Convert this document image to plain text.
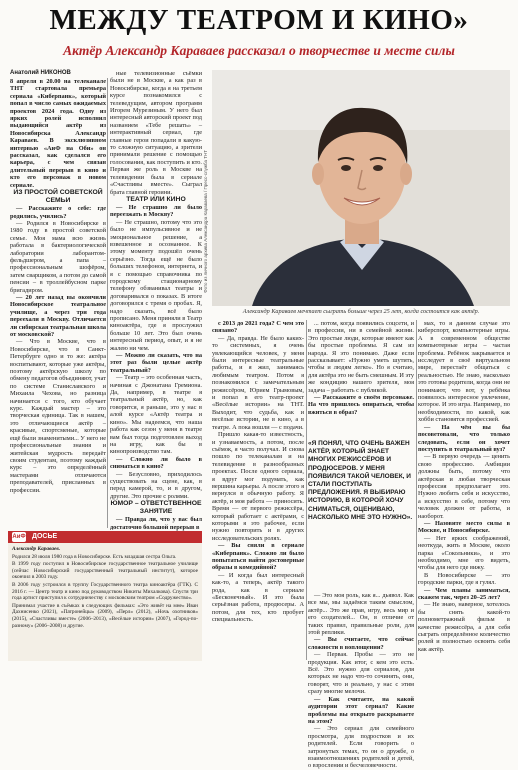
МЕЖДУ ТЕАТРОМ И КИНО»
Актёр Александр Караваев рассказал о творчестве и месте силы
Анатолий НИКОНОВ

8 апреля в 20.00 на телеканале ТНТ стартовала премьера сериала «Киберпанк», который попал в число самых ожидаемых проектов 2024 года. Одну из ярких ролей исполнил выдающийся актёр из Новосибирска Александр Караваев. В эксклюзивном интервью «АиФ на Оби» он рассказал, как сделался его карьера, с чем связан длительный перерыв в кино и кто его персонаж в новом сериале.

ИЗ ПРОСТОЙ СОВЕТСКОЙ СЕМЬИ

— Расскажите о себе: где родились, учились?

— Родился в Новосибирске в 1980 году в простой советской семье. Моя мама всю жизнь работала в бактериологической лаборатории лаборантом-фельдшером, а папа – профессиональным шофёром, затем сварщиком, а потом до самой пенсии – в троллейбусном парке бригадиром.

— 20 лет назад вы окончили Новосибирское театральное училище, а через три года переехали в Москву. Отличается ли сибирская театральная школа от московской?

— Что в Москве, что в Новосибирске, что в Санкт-Петербурге одно и то же: актёра воспитывают, которые уже актёры, поэтому актёрскую школу по обмену педагогов объединяют, учат по системе Станиславского и Михаила Чехова, но разница начинается с того, кто обучает курс. Каждый мастер – это творческая единица. Так в нашем, это отличающиеся актёр – красивые, спортсменые, которые ещё были знаменитыми... У него не профессиональные знания и житейская мудрость передаёт своим студентам, поэтому каждый курс – это определённый мастерами отличаются преподавателей, присланных в профессии.

ные телевизионные съёмки были не в Москве, а как раз в Новосибирске, когда я на третьем курсе познакомился с телеведущим, автором программ Игорем Мурезиным. У него был интересный авторский проект под названием «Тебе решать» – интерактивный сериал, где главные герои попадали в какую-то сложную ситуацию, а зрители принимали решение с помощью голосования, как поступить и кто. Первая же роль в Москве на телевидении была в сериале «Счастливы вместе». Сыграл брата главной героини.

ТЕАТР ИЛИ КИНО

— Не страшно ли было переезжать в Москву?

— Не страшно, потому что это было не импульсивное и не эмоциональное решение, а взвешенное и осознанное. К этому моменту подошёл очень серьёзно. Тогда ещё не было больших телефонов, интернета, и я с помощью справочника по городскому стационарному телефону обзванивал театры и договаривался о показах. В итоге договорился с тремя о пробах. Я, надо сказать, всё было прописано. Меня приняли в Театр киноактёра, где я прослужил больше 10 лет. Это был очень интересный период, опыт, и я не жалею ни чем.

— Можно ли сказать, что на этот раз были целые актёр театральный?

— Театр – это особенная часть, начиная с Джонатана Гремиона. Да, например, в театре я театральный актёр, но, как говорится, я раньше, это у нас в алой курсе «Актёр театра и кино». Мы надеемся, что наша работа как сезон у меня в театре вам был тогда подготовлен выход на игру, как бы в кинопроизводство там.

— Сложно ли было в сниматься в кино?

— Безусловно, приходилось существовать на сцене, как, в перед камерой, то, и в другом, другие. Это прочие с ролями.

ЮМОР – ОТВЕТСТВЕННОЕ ЗАНЯТИЕ

— Правда ли, что у вас был достаточно большой перерыв в

Фото из личного архива Александра Караваева / Пресс-служба ТНТ
Александр Караваев мечтает сыграть больше через 25 лет, когда состоится как актёр.

с 2013 до 2021 года? С чем это связано?

— Да, правда. Не было каких-то системных, я очень увлекающийся человек, у меня были интересные театральные работы, и я жил, занимаясь любимым театром. Потом я познакомился с замечательным режиссёром, Юрием Грымовым, и попал в его театр-проект «Весёлые истории» на ТНТ. Выходит, что судьба, как и весёлые истории, не в кино, а в театре. А пока вошли — с подачи.

Пришло какая-то известность, и узнаваемость, а потом, после съёмок, я часто получал. И снова пошло по телеканалам и на телевидение в разнообразных проектах. После одного сериала, я вдруг мог подумать, как вершина карьеры. А после этого я вернулся в обычную работу. Я актёр, и моя работа — приносить. Время — от первого режиссёра, который работает с актёрами, с которыми я это рабочее, если нужно повторить и в других исследовательских ролях.

— Вы сняли в сериале «Киберпанк». Сложно ли было попытаться найти достоверные образы в комедийной?

— И когда был интересный как-то, а теперь, актёр такого рода, как в сериале «Бесконечный». И это была серьёзная работа, продюсеры. А потом, для тех, кто пробует специальность.

... потом, когда появились соцсети, и в профессии, ни в семейной жизни. Это простые люди, которые имеют как бы простые проблемы. Я сам из народа. Я это понимаю. Даже если рассказывает: «Нужно уметь шутить, чтобы и людям легко». Но я считаю, для актёра это не быть смешным. И эту же кондицию нашего зрителя, моя задача – работать с публикой.

— Расскажите о своём персонаже. На что пришлось опираться, чтобы вжиться в образ?

«Я ПОНЯЛ, ЧТО ОЧЕНЬ ВАЖЕН АКТЁР, КОТОРЫЙ ЗНАЕТ МНОГИХ РЕЖИССЁРОВ И ПРОДЮСЕРОВ. У МЕНЯ ПОЯВИЛСЯ ТАКОЙ ЧЕЛОВЕК, И СТАЛИ ПОСТУПАТЬ ПРЕДЛОЖЕНИЯ. Я ВЫБИРАЮ ИСТОРИЮ, В КОТОРОЙ ХОЧУ СНИМАТЬСЯ, ОЦЕНИВАЮ, НАСКОЛЬКО МНЕ ЭТО НУЖНО».

— Это моя роль, как я... дьявол. Как все мы, мы задаёмся таким смыслом, актёр... Это же прав, игру, весь мир и его создателей... Он, в отличие от таких правил, правильные роли, для этой реплики.

— Вы считаете, что сейчас сложности в воплощении?

— Первая. Пробы — это не продукция. Как итог, с кем это есть. Всё. Это нужно для сериалов, для которых не надо что-то сочинять, они, говорят, что и реально, у нас с этим сразу многие мелочи.

— Как считаете, на какой аудитории этот сериал? Какие проблемы вы открыто раскрываете на этом?

— Это сериал для семейного просмотра, для подростков и их родителей. Если говорить о затронутых темах, то он о дружбе, о взаимоотношениях родителей и детей, о взрослении и бесчеловечности.

мах, то я данном случае это киберспорт, компьютерные игры. А в современном обществе компьютерные игры – частая проблема. Ребёнок закрывается и исследует в своё виртуальном мире, перестаёт общаться с реальностью. Не знаю, насколько это готовы родители, когда они не понимают, что вот, у ребёнка появилось интересное увлечение, которое. И это игра. Например, по необходимости, по какой, как хобби становятся профессией.

— На чём вы бы посоветовали, что только следовать, если он хочет поступить в театральный вуз?

— В первую очередь — ценить свою профессию. Амбиции должны быть, потому что актёрская и любая творческая профессия предполагает это. Нужно любить себя и искусство, а искусство в себе, потому что человек должен от работы, и наоборот.

— Назовите место силы в Москве, и Новосибирске.

— Нет ярких соображений, неоткуда, жить в Москве, около парка «Сокольники», и это необходимо, мне его видеть, чтобы для него где вижу.

В Новосибирске — это городские парки, где я гулял.

— Чем планы заниматься, скажем так, через 20–25 лет?

— Не знаю, наверное, хотелось бы снять какой-то полнометражный фильм в качестве режиссёра, а для себя сыграть определённое количество ролей и полностью освоить себя как актёр.

АиФ ДОСЬЕ

Александр Караваев.

Родился 28 июля 1980 года в Новосибирске. Есть младшая сестра Ольга.

В 1999 году поступил в Новосибирское государственное театральное училище (сейчас Новосибирский государственный театральный институт), которое окончил в 2003 году.

В 2006 году устроился в труппу Государственного театра киноактёра (ГТК). С 2016 г. — Центр театр и кино под руководством Никиты Михалкова). Спустя три года артист приступил к сотрудничеству с московским театром «Содружество».

Принимал участие в съёмках в следующих фильмах: «Это живёт на мне» Иван Дахнисенко (2021), «Патронейцы» (2009), «Перл» (2012), «Ночь охотников» (2015), «Счастливы вместе» (2006–2013), «Весёлые истории» (2007), «Город-по-разному» (2006–2008) и другие.
